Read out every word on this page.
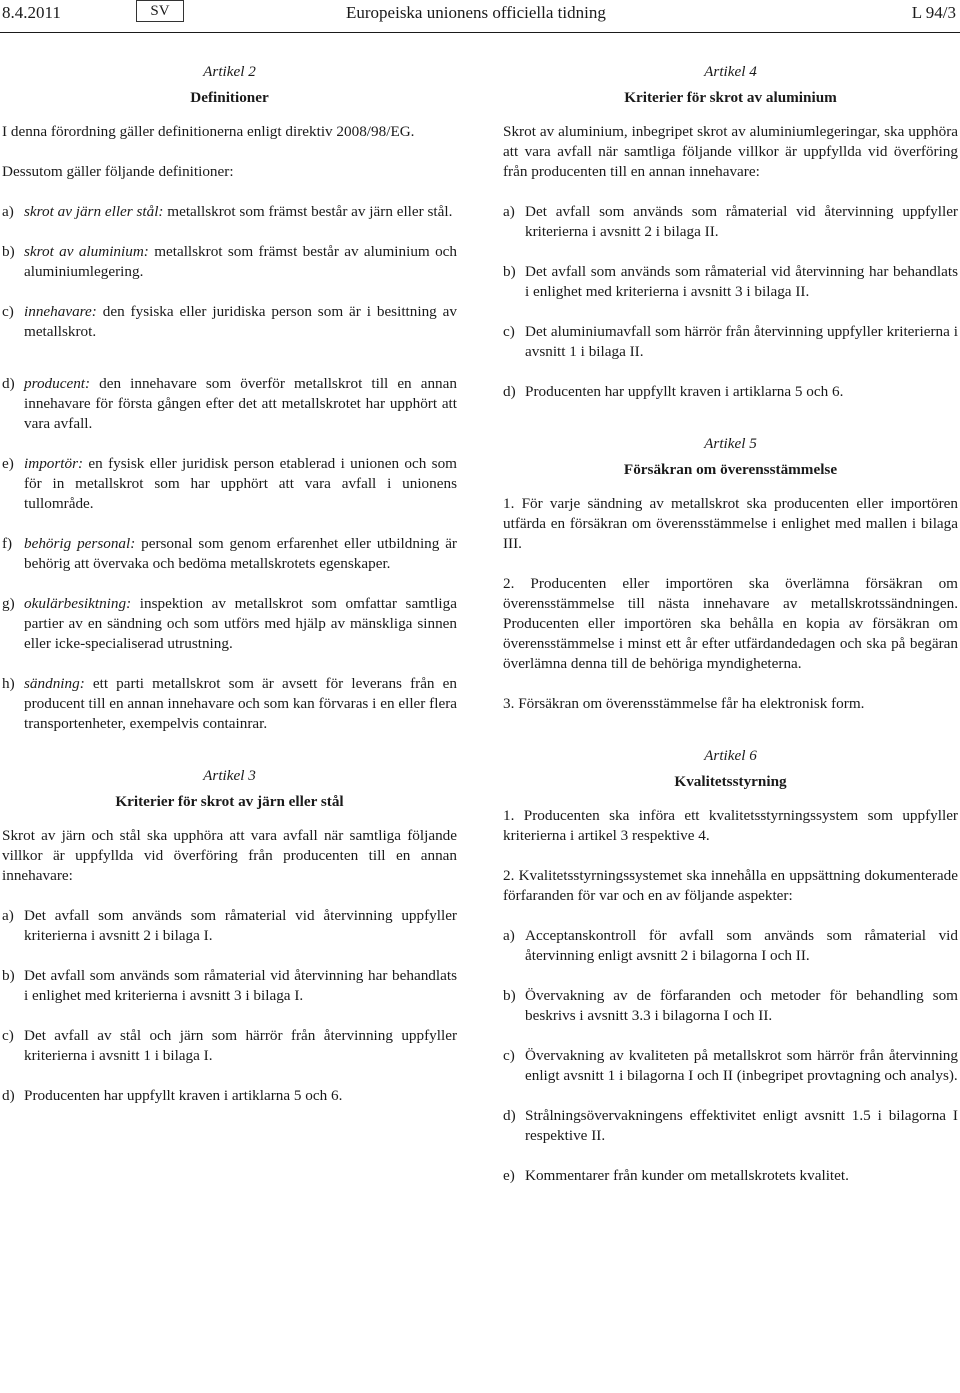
8.4.2011	SV	Europeiska unionens officiella tidning	L 94/3
Artikel 2
Definitioner

I denna förordning gäller definitionerna enligt direktiv 2008/98/EG.

Dessutom gäller följande definitioner:

a) skrot av järn eller stål: metallskrot som främst består av järn eller stål.
b) skrot av aluminium: metallskrot som främst består av aluminium och aluminiumlegering.
c) innehavare: den fysiska eller juridiska person som är i besittning av metallskrot.
d) producent: den innehavare som överför metallskrot till en annan innehavare för första gången efter det att metallskrotet har upphört att vara avfall.
e) importör: en fysisk eller juridisk person etablerad i unionen och som för in metallskrot som har upphört att vara avfall i unionens tullområde.
f) behörig personal: personal som genom erfarenhet eller utbildning är behörig att övervaka och bedöma metallskrotets egenskaper.
g) okulärbesiktning: inspektion av metallskrot som omfattar samtliga partier av en sändning och som utförs med hjälp av mänskliga sinnen eller icke-specialiserad utrustning.
h) sändning: ett parti metallskrot som är avsett för leverans från en producent till en annan innehavare och som kan förvaras i en eller flera transportenheter, exempelvis containrar.
Artikel 3
Kriterier för skrot av järn eller stål

Skrot av järn och stål ska upphöra att vara avfall när samtliga följande villkor är uppfyllda vid överföring från producenten till en annan innehavare:

a) Det avfall som används som råmaterial vid återvinning uppfyller kriterierna i avsnitt 2 i bilaga I.
b) Det avfall som används som råmaterial vid återvinning har behandlats i enlighet med kriterierna i avsnitt 3 i bilaga I.
c) Det avfall av stål och järn som härrör från återvinning uppfyller kriterierna i avsnitt 1 i bilaga I.
d) Producenten har uppfyllt kraven i artiklarna 5 och 6.
Artikel 4
Kriterier för skrot av aluminium

Skrot av aluminium, inbegripet skrot av aluminiumlegeringar, ska upphöra att vara avfall när samtliga följande villkor är uppfyllda vid överföring från producenten till en annan innehavare:

a) Det avfall som används som råmaterial vid återvinning uppfyller kriterierna i avsnitt 2 i bilaga II.
b) Det avfall som används som råmaterial vid återvinning har behandlats i enlighet med kriterierna i avsnitt 3 i bilaga II.
c) Det aluminiumavfall som härrör från återvinning uppfyller kriterierna i avsnitt 1 i bilaga II.
d) Producenten har uppfyllt kraven i artiklarna 5 och 6.
Artikel 5
Försäkran om överensstämmelse

1. För varje sändning av metallskrot ska producenten eller importören utfärda en försäkran om överensstämmelse i enlighet med mallen i bilaga III.

2. Producenten eller importören ska överlämna försäkran om överensstämmelse till nästa innehavare av metallskrotssändningen. Producenten eller importören ska behålla en kopia av försäkran om överensstämmelse i minst ett år efter utfärdandedagen och ska på begäran överlämna denna till de behöriga myndigheterna.

3. Försäkran om överensstämmelse får ha elektronisk form.

Artikel 6
Kvalitetsstyrning

1. Producenten ska införa ett kvalitetsstyrningssystem som uppfyller kriterierna i artikel 3 respektive 4.

2. Kvalitetsstyrningssystemet ska innehålla en uppsättning dokumenterade förfaranden för var och en av följande aspekter:

a) Acceptanskontroll för avfall som används som råmaterial vid återvinning enligt avsnitt 2 i bilagorna I och II.
b) Övervakning av de förfaranden och metoder för behandling som beskrivs i avsnitt 3.3 i bilagorna I och II.
c) Övervakning av kvaliteten på metallskrot som härrör från återvinning enligt avsnitt 1 i bilagorna I och II (inbegripet provtagning och analys).
d) Strålningsövervakningens effektivitet enligt avsnitt 1.5 i bilagorna I respektive II.
e) Kommentarer från kunder om metallskrotets kvalitet.
